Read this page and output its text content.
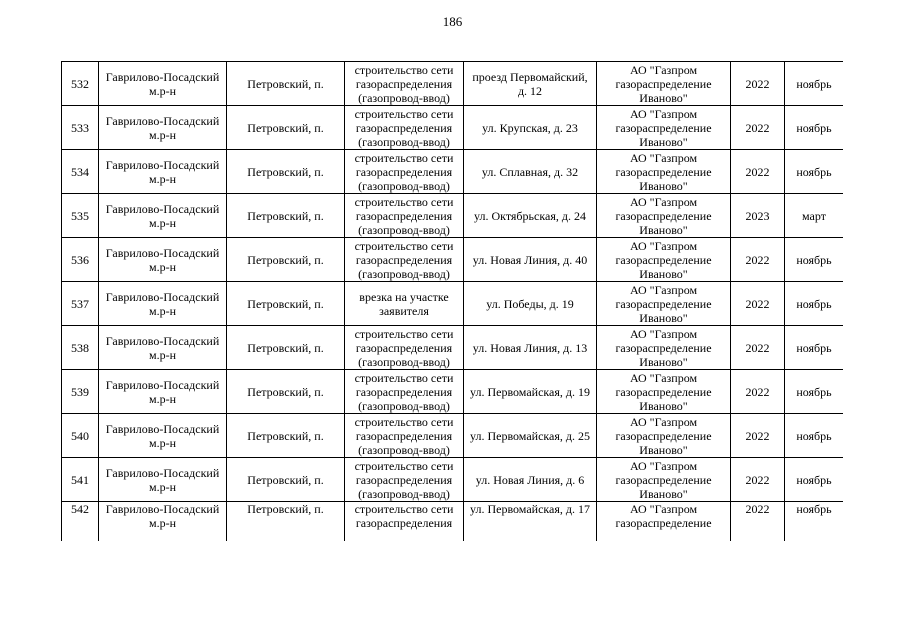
186
532	Гаврилово-Посадский м.р-н	Петровский, п.	строительство сети газораспределения (газопровод-ввод)	проезд Первомайский, д. 12	АО "Газпром газораспределение Иваново"	2022	ноябрь
533	Гаврилово-Посадский м.р-н	Петровский, п.	строительство сети газораспределения (газопровод-ввод)	ул. Крупская, д. 23	АО "Газпром газораспределение Иваново"	2022	ноябрь
534	Гаврилово-Посадский м.р-н	Петровский, п.	строительство сети газораспределения (газопровод-ввод)	ул. Сплавная, д. 32	АО "Газпром газораспределение Иваново"	2022	ноябрь
535	Гаврилово-Посадский м.р-н	Петровский, п.	строительство сети газораспределения (газопровод-ввод)	ул. Октябрьская, д. 24	АО "Газпром газораспределение Иваново"	2023	март
536	Гаврилово-Посадский м.р-н	Петровский, п.	строительство сети газораспределения (газопровод-ввод)	ул. Новая Линия, д. 40	АО "Газпром газораспределение Иваново"	2022	ноябрь
537	Гаврилово-Посадский м.р-н	Петровский, п.	врезка на участке заявителя	ул. Победы, д. 19	АО "Газпром газораспределение Иваново"	2022	ноябрь
538	Гаврилово-Посадский м.р-н	Петровский, п.	строительство сети газораспределения (газопровод-ввод)	ул. Новая Линия, д. 13	АО "Газпром газораспределение Иваново"	2022	ноябрь
539	Гаврилово-Посадский м.р-н	Петровский, п.	строительство сети газораспределения (газопровод-ввод)	ул. Первомайская, д. 19	АО "Газпром газораспределение Иваново"	2022	ноябрь
540	Гаврилово-Посадский м.р-н	Петровский, п.	строительство сети газораспределения (газопровод-ввод)	ул. Первомайская, д. 25	АО "Газпром газораспределение Иваново"	2022	ноябрь
541	Гаврилово-Посадский м.р-н	Петровский, п.	строительство сети газораспределения (газопровод-ввод)	ул. Новая Линия, д. 6	АО "Газпром газораспределение Иваново"	2022	ноябрь
542	Гаврилово-Посадский м.р-н	Петровский, п.	строительство сети газораспределения	ул. Первомайская, д. 17	АО "Газпром газораспределение	2022	ноябрь
